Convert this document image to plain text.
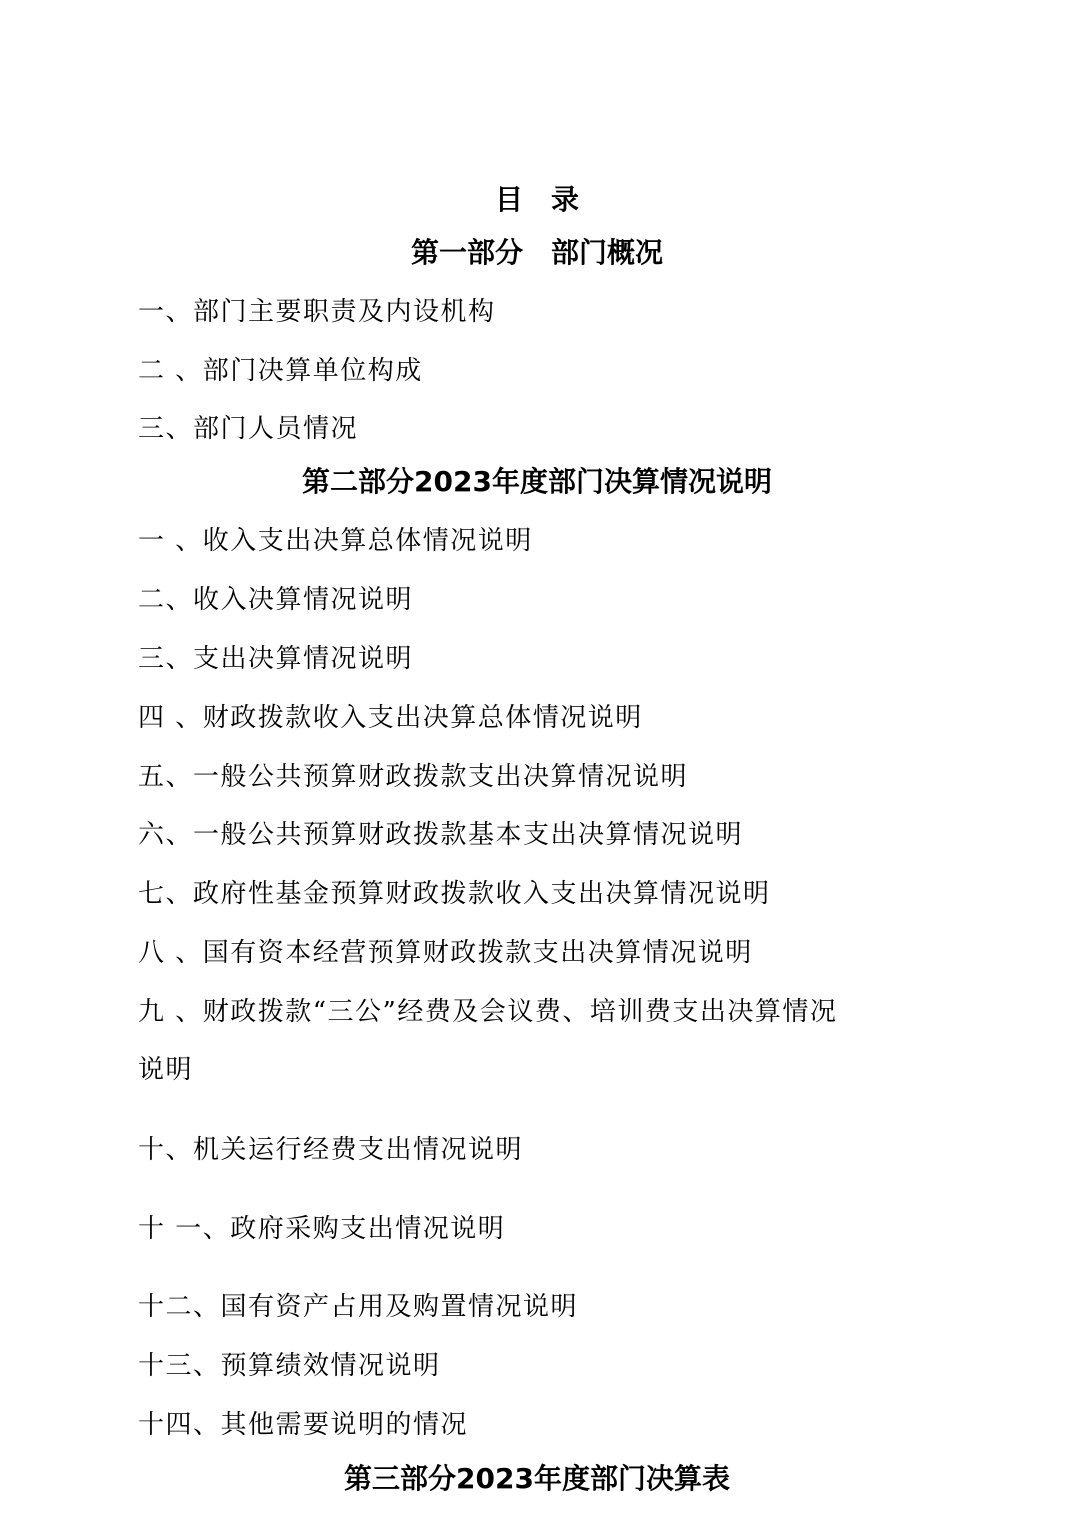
目　录
第一部分　部门概况
一、部门主要职责及内设机构
二 、部门决算单位构成
三、部门人员情况
第二部分2023年度部门决算情况说明
一 、收入支出决算总体情况说明
二、收入决算情况说明
三、支出决算情况说明
四 、财政拨款收入支出决算总体情况说明
五、一般公共预算财政拨款支出决算情况说明
六、一般公共预算财政拨款基本支出决算情况说明
七、政府性基金预算财政拨款收入支出决算情况说明
八 、国有资本经营预算财政拨款支出决算情况说明
九 、财政拨款“三公”经费及会议费、培训费支出决算情况
说明
十、机关运行经费支出情况说明
十 一、政府采购支出情况说明
十二、国有资产占用及购置情况说明
十三、预算绩效情况说明
十四、其他需要说明的情况
第三部分2023年度部门决算表
